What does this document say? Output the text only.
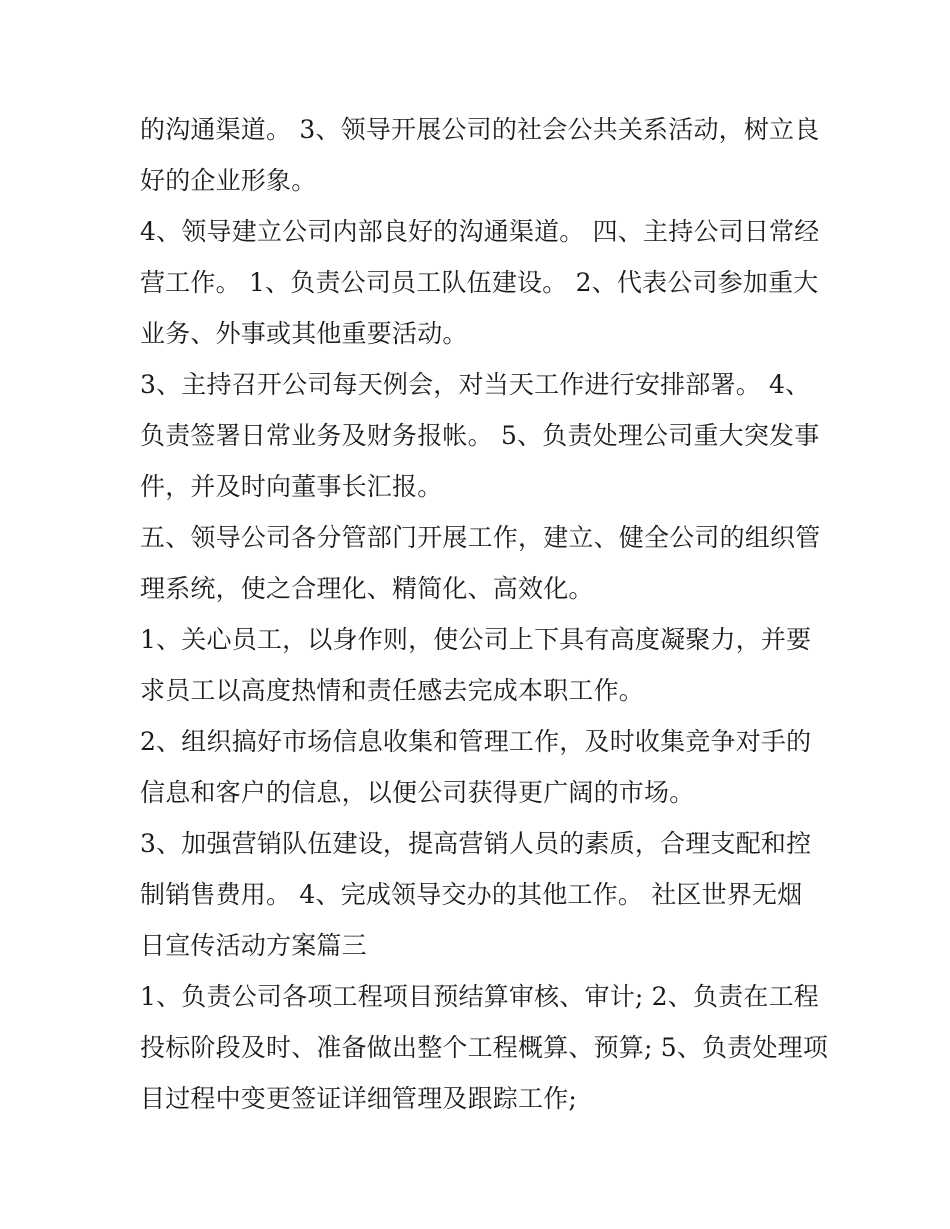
的沟通渠道。 3、领导开展公司的社会公共关系活动，树立良
好的企业形象。
4、领导建立公司内部良好的沟通渠道。 四、主持公司日常经
营工作。 1、负责公司员工队伍建设。 2、代表公司参加重大
业务、外事或其他重要活动。
3、主持召开公司每天例会，对当天工作进行安排部署。 4、
负责签署日常业务及财务报帐。 5、负责处理公司重大突发事
件，并及时向董事长汇报。
五、领导公司各分管部门开展工作，建立、健全公司的组织管
理系统，使之合理化、精简化、高效化。
1、关心员工，以身作则，使公司上下具有高度凝聚力，并要
求员工以高度热情和责任感去完成本职工作。
2、组织搞好市场信息收集和管理工作，及时收集竞争对手的
信息和客户的信息，以便公司获得更广阔的市场。
3、加强营销队伍建设，提高营销人员的素质，合理支配和控
制销售费用。 4、完成领导交办的其他工作。 社区世界无烟
日宣传活动方案篇三
1、负责公司各项工程项目预结算审核、审计; 2、负责在工程
投标阶段及时、准备做出整个工程概算、预算; 5、负责处理项
目过程中变更签证详细管理及跟踪工作;
